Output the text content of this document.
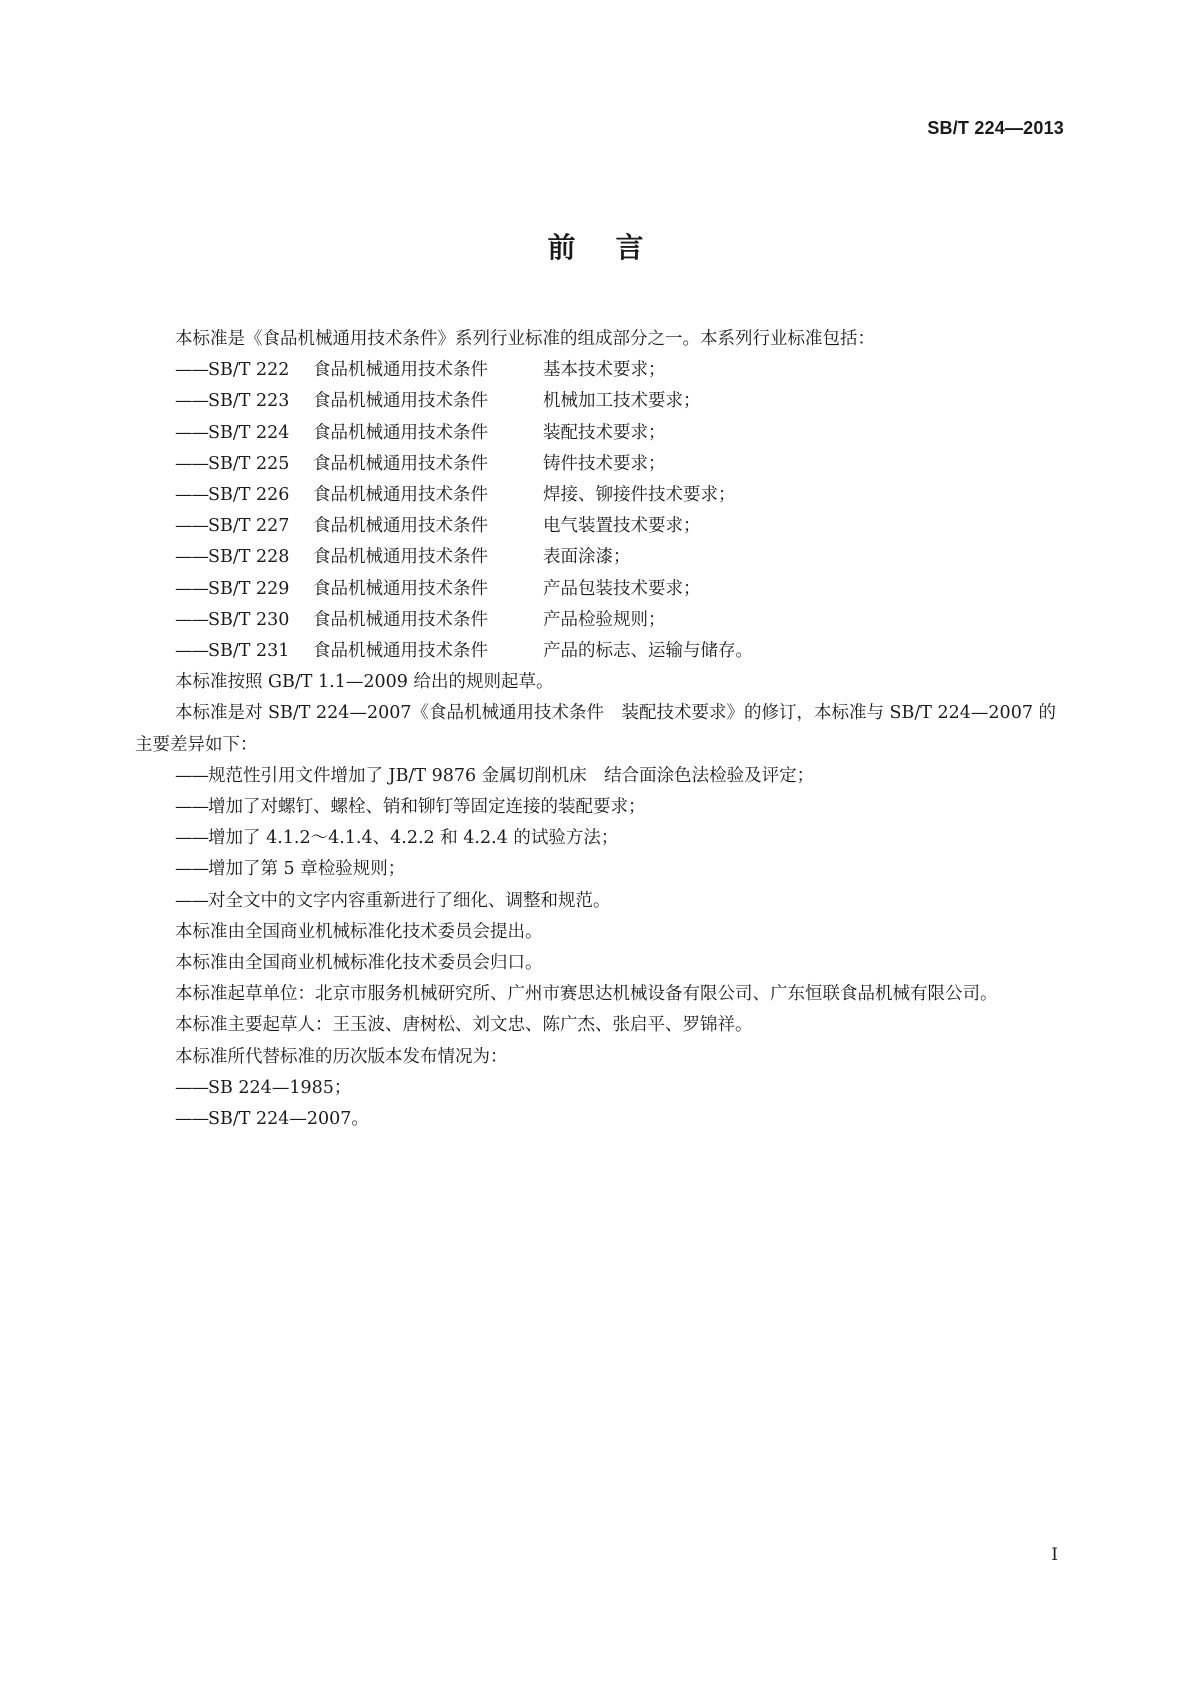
SB/T 224—2013
前言

本标准是《食品机械通用技术条件》系列行业标准的组成部分之一。本系列行业标准包括：

——SB/T 222 食品机械通用技术条件	基本技术要求；

——SB/T 223 食品机械通用技术条件	机械加工技术要求；

——SB/T 224 食品机械通用技术条件	装配技术要求；

——SB/T 225 食品机械通用技术条件	铸件技术要求；

——SB/T 226 食品机械通用技术条件	焊接、铆接件技术要求；

——SB/T 227 食品机械通用技术条件	电气装置技术要求；

——SB/T 228 食品机械通用技术条件	表面涂漆；

——SB/T 229 食品机械通用技术条件	产品包装技术要求；

——SB/T 230 食品机械通用技术条件	产品检验规则；

——SB/T 231 食品机械通用技术条件	产品的标志、运输与储存。

本标准按照 GB/T 1.1—2009 给出的规则起草。

本标准是对 SB/T 224—2007《食品机械通用技术条件　装配技术要求》的修订，本标准与 SB/T 224—2007 的主要差异如下：

——规范性引用文件增加了 JB/T 9876 金属切削机床　结合面涂色法检验及评定；

——增加了对螺钉、螺栓、销和铆钉等固定连接的装配要求；

——增加了 4.1.2～4.1.4、4.2.2 和 4.2.4 的试验方法；

——增加了第 5 章检验规则；

——对全文中的文字内容重新进行了细化、调整和规范。

本标准由全国商业机械标准化技术委员会提出。

本标准由全国商业机械标准化技术委员会归口。

本标准起草单位：北京市服务机械研究所、广州市赛思达机械设备有限公司、广东恒联食品机械有限公司。

本标准主要起草人：王玉波、唐树松、刘文忠、陈广杰、张启平、罗锦祥。

本标准所代替标准的历次版本发布情况为：

——SB 224—1985；

——SB/T 224—2007。

I
